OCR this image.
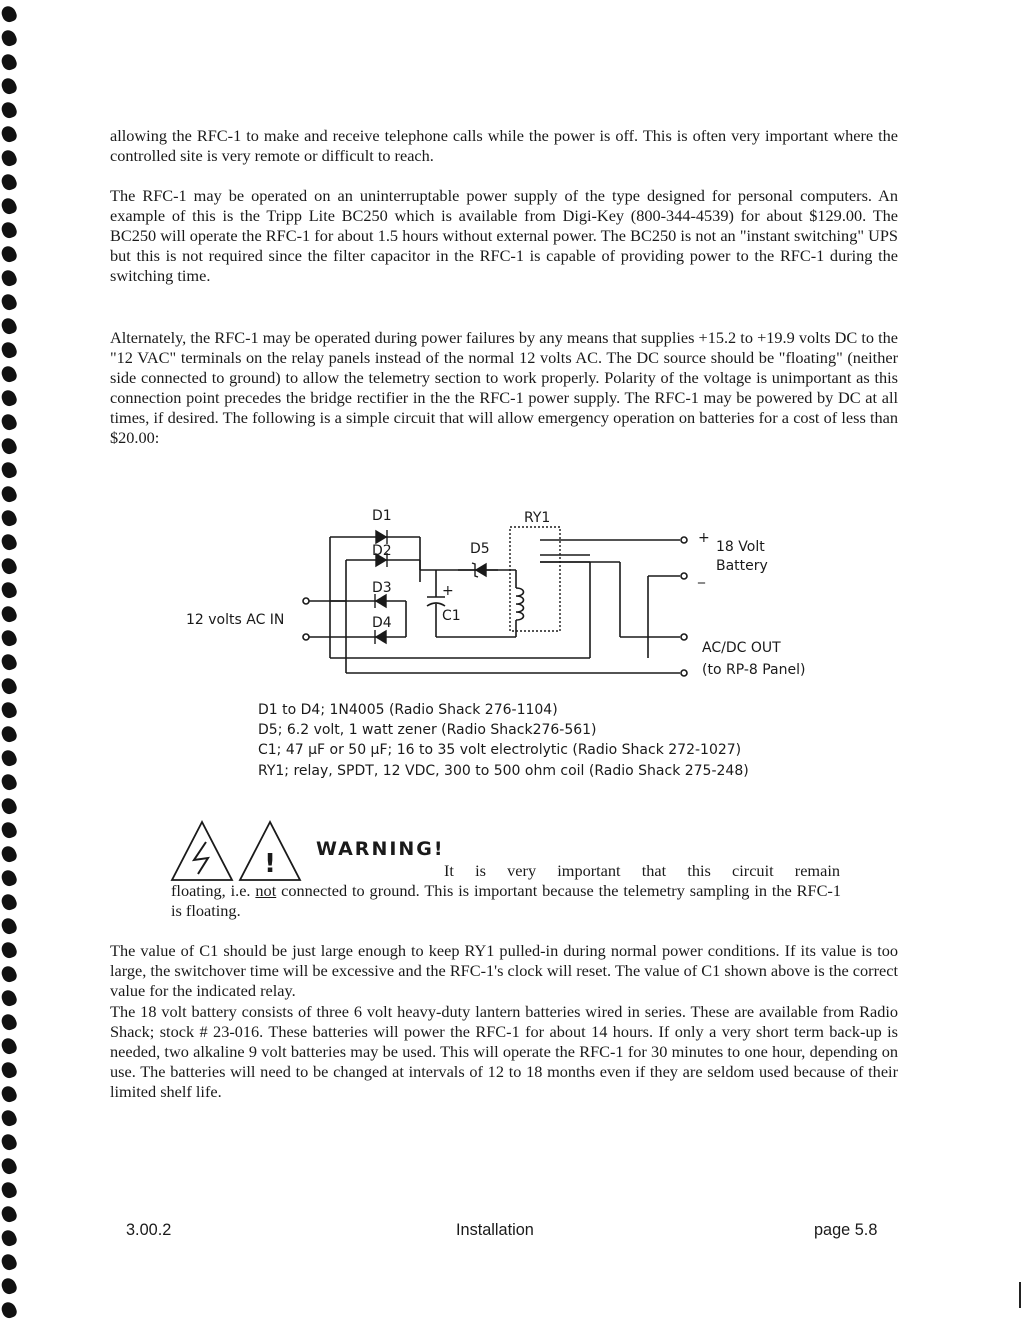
allowing the RFC-1 to make and receive telephone calls while the power is off. This is often very important where the controlled site is very remote or difficult to reach.

The RFC-1 may be operated on an uninterruptable power supply of the type designed for personal computers. An example of this is the Tripp Lite BC250 which is available from Digi-Key (800-344-4539) for about $129.00. The BC250 will operate the RFC-1 for about 1.5 hours without external power. The BC250 is not an "instant switching" UPS but this is not required since the filter capacitor in the RFC-1 is capable of providing power to the RFC-1 during the switching time.

Alternately, the RFC-1 may be operated during power failures by any means that supplies +15.2 to +19.9 volts DC to the "12 VAC" terminals on the relay panels instead of the normal 12 volts AC. The DC source should be "floating" (neither side connected to ground) to allow the telemetry section to work properly. Polarity of the voltage is unimportant as this connection point precedes the bridge rectifier in the the RFC-1 power supply. The RFC-1 may be powered by DC at all times, if desired. The following is a simple circuit that will allow emergency operation on batteries for a cost of less than $20.00:

D1
D2
D3
D4
D5
+
C1
RY1
12 volts AC IN
+
_
18 Volt
Battery
AC/DC OUT
(to RP-8 Panel)
D1 to D4; 1N4005 (Radio Shack 276-1104)
D5; 6.2 volt, 1 watt zener (Radio Shack276-561)
C1; 47 µF or 50 µF; 16 to 35 volt electrolytic (Radio Shack 272-1027)
RY1; relay, SPDT, 12 VDC, 300 to 500 ohm coil (Radio Shack 275-248)
! WARNING!

It is very important that this circuit remain

floating, i.e. not connected to ground. This is important because the telemetry sampling in the RFC-1 is floating.

The value of C1 should be just large enough to keep RY1 pulled-in during normal power conditions. If its value is too large, the switchover time will be excessive and the RFC-1's clock will reset. The value of C1 shown above is the correct value for the indicated relay.

The 18 volt battery consists of three 6 volt heavy-duty lantern batteries wired in series. These are available from Radio Shack; stock # 23-016. These batteries will power the RFC-1 for about 14 hours. If only a very short term back-up is needed, two alkaline 9 volt batteries may be used. This will operate the RFC-1 for 30 minutes to one hour, depending on use. The batteries will need to be changed at intervals of 12 to 18 months even if they are seldom used because of their limited shelf life.

3.00.2	Installation	page 5.8
